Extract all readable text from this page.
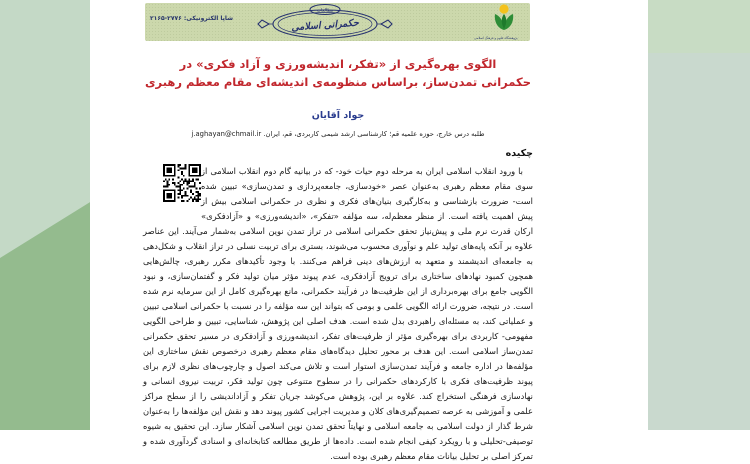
شاپا الکترونیکی: ۲۷۷۶-۲۱۶۵
مطالعات
حکمرانی اسلامی
پژوهشگاه علوم و فرهنگ اسلامی
الگوی بهره‌گیری از «تفکر، اندیشه‌ورزی و آزاد فکری» در
حکمرانی تمدن‌ساز، براساس منظومه‌ی اندیشه‌ای مقام معظم رهبری
جواد آقایان
طلبه درس خارج، حوزه علمیه قم؛ کارشناسی ارشد شیمی کاربردی، قم، ایران. j.aghayan@chmail.ir
چکیده

با ورود انقلاب اسلامی ایران به مرحله دوم حیات خود- که در بیانیه گام دوم انقلاب اسلامی از سوی مقام معظم رهبری به‌عنوان عصر «خودسازی، جامعه‌پردازی و تمدن‌سازی» تبیین شده است- ضرورت بازشناسی و به‌کارگیری بنیان‌های فکری و نظری در حکمرانی اسلامی بیش از پیش اهمیت یافته است. از منظر معظم‌له، سه مؤلفه «تفکر»، «اندیشه‌ورزی» و «آزادفکری» ارکان قدرت نرم ملی و پیش‌نیاز تحقق حکمرانی اسلامی در تراز تمدن نوین اسلامی به‌شمار می‌آیند. این عناصر علاوه بر آنکه پایه‌های تولید علم و نوآوری محسوب می‌شوند، بستری برای تربیت نسلی در تراز انقلاب و شکل‌دهی به جامعه‌ای اندیشمند و متعهد به ارزش‌های دینی فراهم می‌کنند. با وجود تأکیدهای مکرر رهبری، چالش‌هایی همچون کمبود نهادهای ساختاری برای ترویج آزادفکری، عدم پیوند مؤثر میان تولید فکر و گفتمان‌سازی، و نبود الگویی جامع برای بهره‌برداری از این ظرفیت‌ها در فرآیند حکمرانی، مانع بهره‌گیری کامل از این سرمایه نرم شده است. در نتیجه، ضرورت ارائه الگویی علمی و بومی که بتواند این سه مؤلفه را در نسبت با حکمرانی اسلامی تبیین و عملیاتی کند، به مسئله‌ای راهبردی بدل شده است. هدف اصلی این پژوهش، شناسایی، تبیین و طراحی الگویی مفهومی- کاربردی برای بهره‌گیری مؤثر از ظرفیت‌های تفکر، اندیشه‌ورزی و آزادفکری در مسیر تحقق حکمرانی تمدن‌ساز اسلامی است. این هدف بر محور تحلیل دیدگاه‌های مقام معظم رهبری درخصوص نقش ساختاری این مؤلفه‌ها در اداره جامعه و فرآیند تمدن‌سازی استوار است و تلاش می‌کند اصول و چارچوب‌های نظری لازم برای پیوند ظرفیت‌های فکری با کارکردهای حکمرانی را در سطوح متنوعی چون تولید فکر، تربیت نیروی انسانی و نهادسازی فرهنگی استخراج کند. علاوه بر این، پژوهش می‌کوشد جریان تفکر و آزاداندیشی را از سطح مراکز علمی و آموزشی به عرصه تصمیم‌گیری‌های کلان و مدیریت اجرایی کشور پیوند دهد و نقش این مؤلفه‌ها را به‌عنوان شرط گذار از دولت اسلامی به جامعه اسلامی و نهایتاً تحقق تمدن نوین اسلامی آشکار سازد. این تحقیق به شیوه توصیفی-تحلیلی و با رویکرد کیفی انجام شده است. داده‌ها از طریق مطالعه کتابخانه‌ای و اسنادی گردآوری شده و تمرکز اصلی بر تحلیل بیانات مقام معظم رهبری بوده است.
